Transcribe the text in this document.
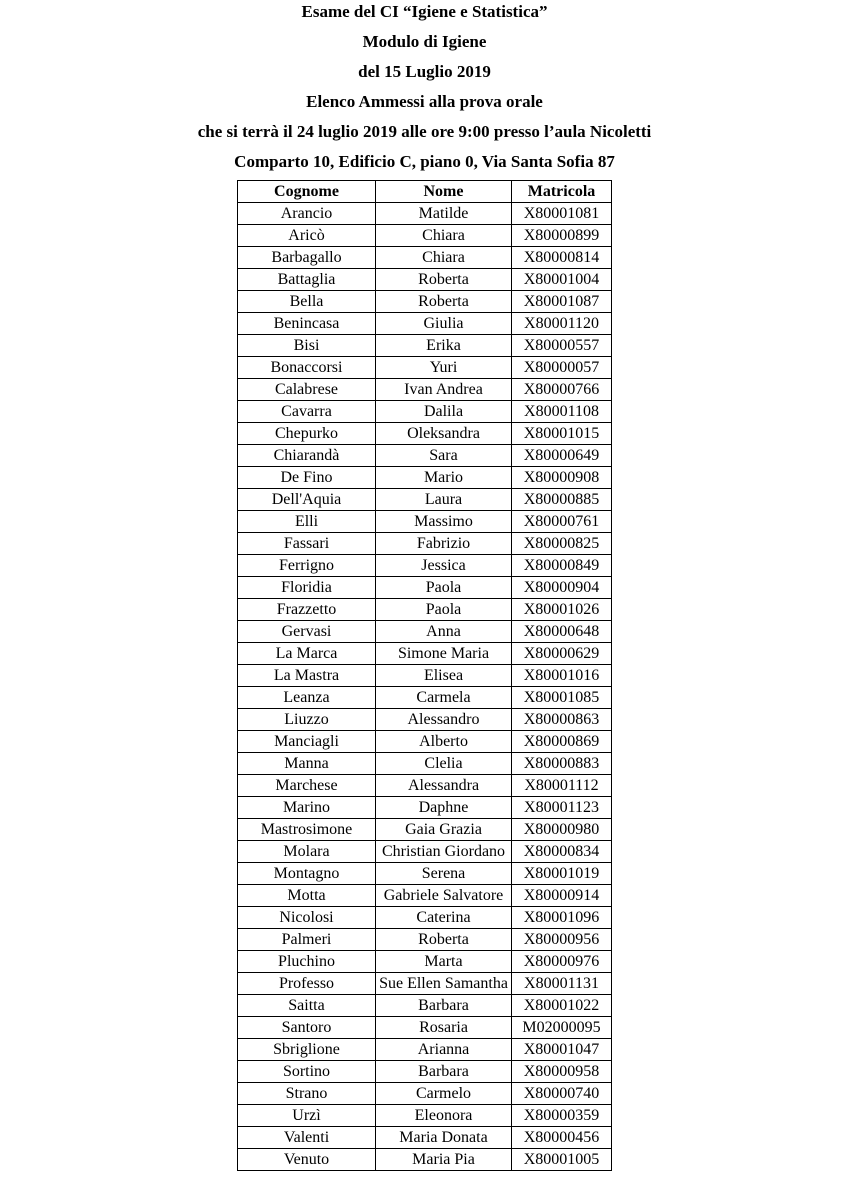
Esame del CI “Igiene e Statistica”
Modulo di Igiene
del 15 Luglio 2019
Elenco Ammessi alla prova orale
che si terrà il 24 luglio 2019 alle ore 9:00 presso l’aula Nicoletti
Comparto 10, Edificio C, piano 0, Via Santa Sofia 87
Cognome	Nome	Matricola
Arancio	Matilde	X80001081
Aricò	Chiara	X80000899
Barbagallo	Chiara	X80000814
Battaglia	Roberta	X80001004
Bella	Roberta	X80001087
Benincasa	Giulia	X80001120
Bisi	Erika	X80000557
Bonaccorsi	Yuri	X80000057
Calabrese	Ivan Andrea	X80000766
Cavarra	Dalila	X80001108
Chepurko	Oleksandra	X80001015
Chiarandà	Sara	X80000649
De Fino	Mario	X80000908
Dell'Aquia	Laura	X80000885
Elli	Massimo	X80000761
Fassari	Fabrizio	X80000825
Ferrigno	Jessica	X80000849
Floridia	Paola	X80000904
Frazzetto	Paola	X80001026
Gervasi	Anna	X80000648
La Marca	Simone Maria	X80000629
La Mastra	Elisea	X80001016
Leanza	Carmela	X80001085
Liuzzo	Alessandro	X80000863
Manciagli	Alberto	X80000869
Manna	Clelia	X80000883
Marchese	Alessandra	X80001112
Marino	Daphne	X80001123
Mastrosimone	Gaia Grazia	X80000980
Molara	Christian Giordano	X80000834
Montagno	Serena	X80001019
Motta	Gabriele Salvatore	X80000914
Nicolosi	Caterina	X80001096
Palmeri	Roberta	X80000956
Pluchino	Marta	X80000976
Professo	Sue Ellen Samantha	X80001131
Saitta	Barbara	X80001022
Santoro	Rosaria	M02000095
Sbriglione	Arianna	X80001047
Sortino	Barbara	X80000958
Strano	Carmelo	X80000740
Urzì	Eleonora	X80000359
Valenti	Maria Donata	X80000456
Venuto	Maria Pia	X80001005
